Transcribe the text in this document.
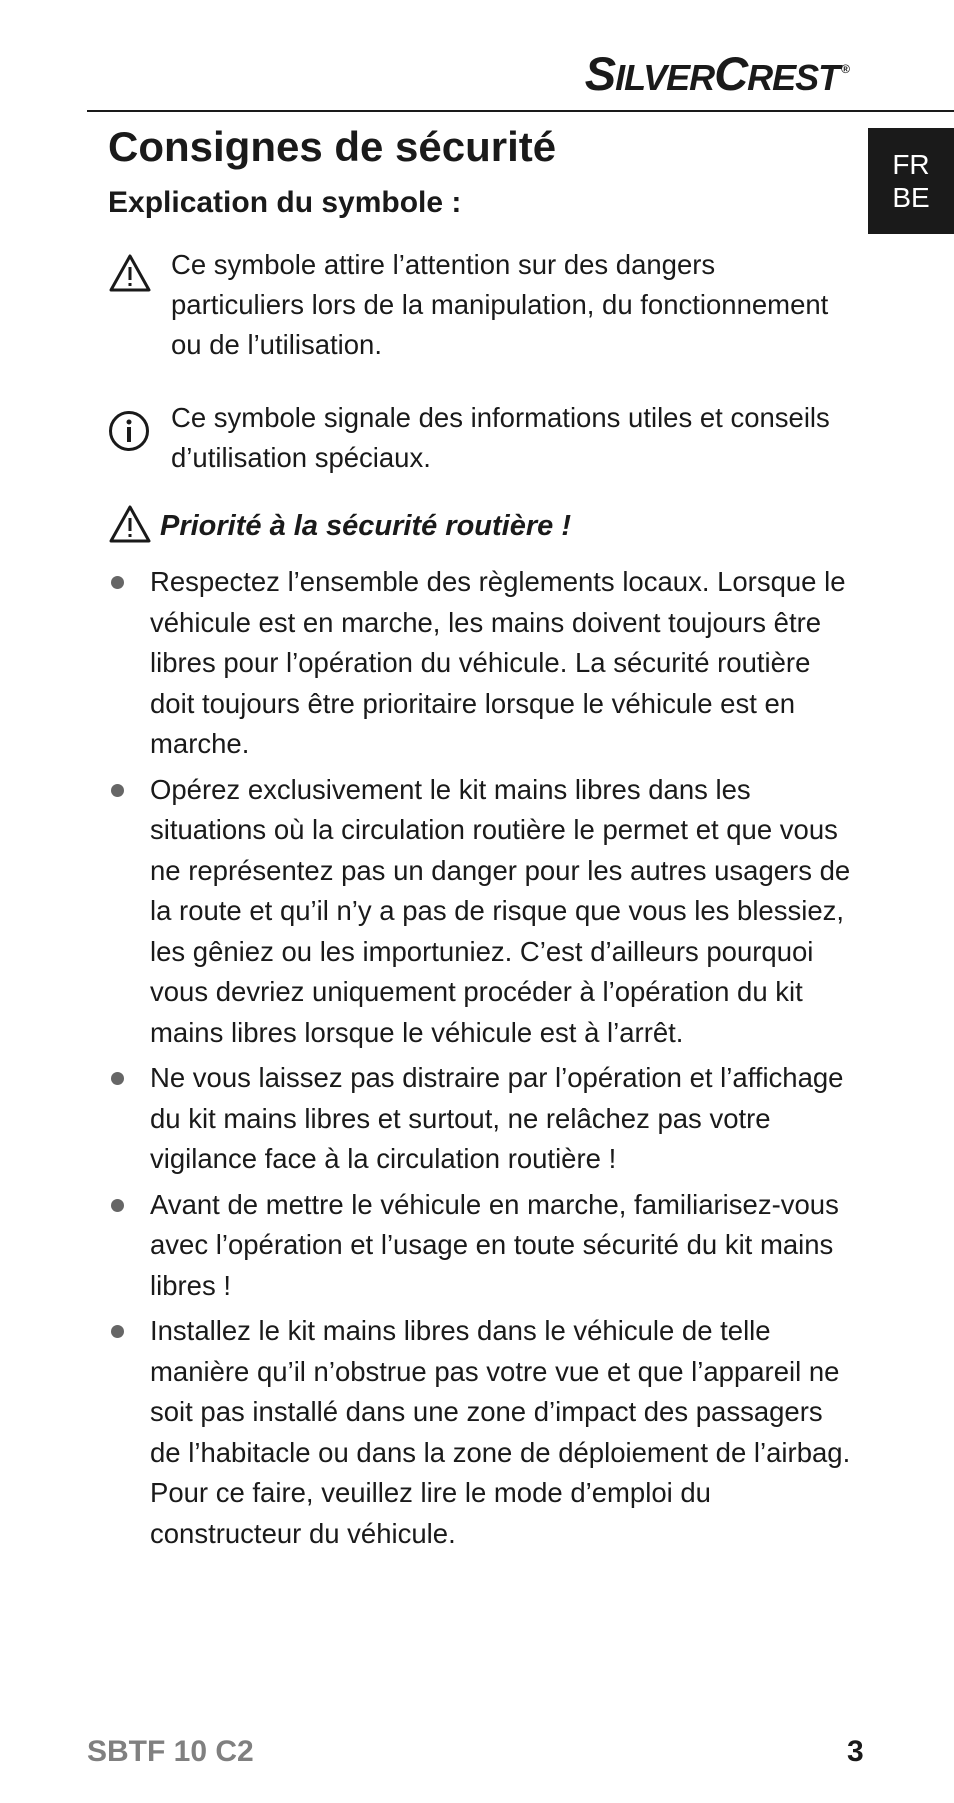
SILVERCREST ®
FR
BE
Consignes de sécurité
Explication du symbole :
Ce symbole attire l’attention sur des dangers particuliers lors de la manipulation, du fonctionnement ou de l’utilisation.
Ce symbole signale des informations utiles et conseils d’utilisation spéciaux.
Priorité à la sécurité routière !
Respectez l’ensemble des règlements locaux. Lorsque le véhicule est en marche, les mains doivent toujours être libres pour l’opération du véhicule. La sécurité routière doit toujours être prioritaire lorsque le véhicule est en marche.
Opérez exclusivement le kit mains libres dans les situations où la circulation routière le permet et que vous ne représentez pas un danger pour les autres usagers de la route et qu’il n’y a pas de risque que vous les blessiez, les gêniez ou les importuniez. C’est d’ailleurs pourquoi vous devriez uniquement procéder à l’opération du kit mains libres lorsque le véhicule est à l’arrêt.
Ne vous laissez pas distraire par l’opération et l’affichage du kit mains libres et surtout, ne relâchez pas votre vigilance face à la circulation routière !
Avant de mettre le véhicule en marche, familiarisez-vous avec l’opération et l’usage en toute sécurité du kit mains libres !
Installez le kit mains libres dans le véhicule de telle manière qu’il n’obstrue pas votre vue et que l’appareil ne soit pas installé dans une zone d’impact des passagers de l’habitacle ou dans la zone de déploiement de l’airbag. Pour ce faire, veuillez lire le mode d’emploi du constructeur du véhicule.
SBTF 10 C2	3
